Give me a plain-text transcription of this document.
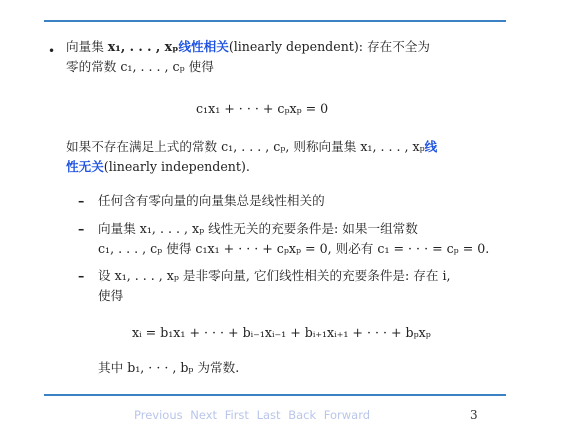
• 向量集 x₁, . . . , xₚ线性相关(linearly dependent): 存在不全为
零的常数 c₁, . . . , cₚ 使得
c₁x₁ + · · · + cₚxₚ = 0
如果不存在满足上式的常数 c₁, . . . , cₚ, 则称向量集 x₁, . . . , xₚ线
性无关(linearly independent).
– 任何含有零向量的向量集总是线性相关的
– 向量集 x₁, . . . , xₚ 线性无关的充要条件是: 如果一组常数
c₁, . . . , cₚ 使得 c₁x₁ + · · · + cₚxₚ = 0, 则必有 c₁ = · · · = cₚ = 0.
– 设 x₁, . . . , xₚ 是非零向量, 它们线性相关的充要条件是: 存在 i,
使得
xᵢ = b₁x₁ + · · · + bᵢ₋₁xᵢ₋₁ + bᵢ₊₁xᵢ₊₁ + · · · + bₚxₚ
其中 b₁, · · · , bₚ 为常数.
Previous Next First Last Back Forward	3
